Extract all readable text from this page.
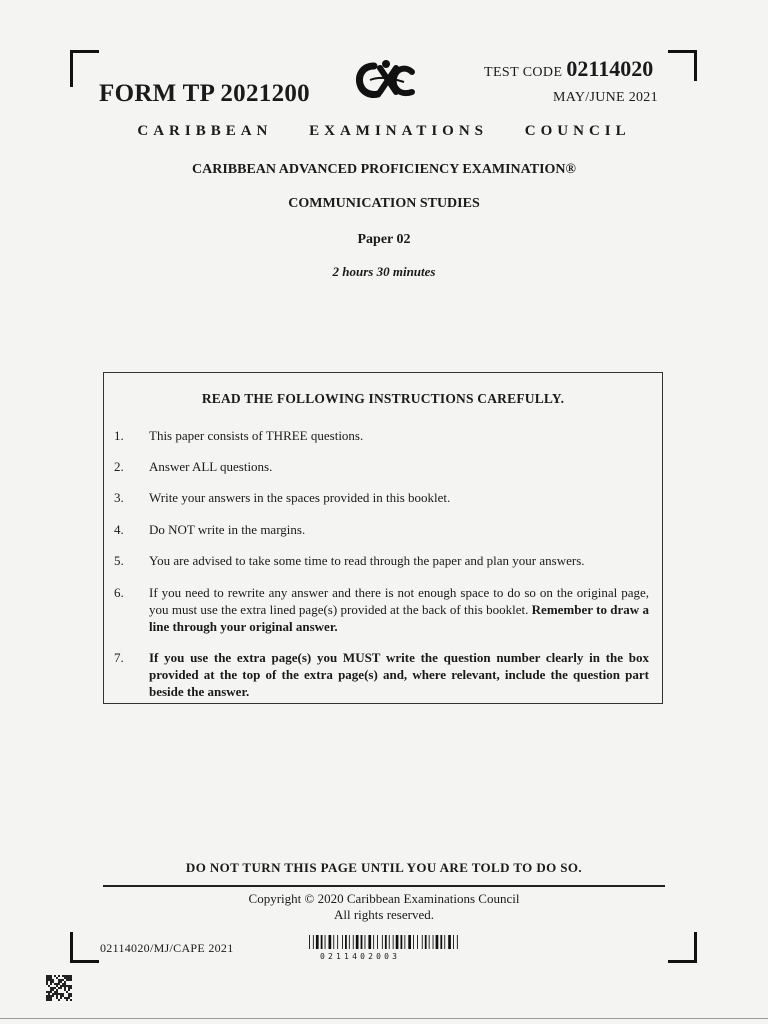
FORM TP 2021200
TEST CODE 02114020
MAY/JUNE 2021
CARIBBEAN EXAMINATIONS COUNCIL
CARIBBEAN ADVANCED PROFICIENCY EXAMINATION®
COMMUNICATION STUDIES
Paper 02
2 hours 30 minutes
READ THE FOLLOWING INSTRUCTIONS CAREFULLY.
1. This paper consists of THREE questions.
2. Answer ALL questions.
3. Write your answers in the spaces provided in this booklet.
4. Do NOT write in the margins.
5. You are advised to take some time to read through the paper and plan your answers.
6. If you need to rewrite any answer and there is not enough space to do so on the original page, you must use the extra lined page(s) provided at the back of this booklet. Remember to draw a line through your original answer.
7. If you use the extra page(s) you MUST write the question number clearly in the box provided at the top of the extra page(s) and, where relevant, include the question part beside the answer.
DO NOT TURN THIS PAGE UNTIL YOU ARE TOLD TO DO SO.
Copyright © 2020 Caribbean Examinations Council
All rights reserved.
02114020/MJ/CAPE 2021
0211402003
